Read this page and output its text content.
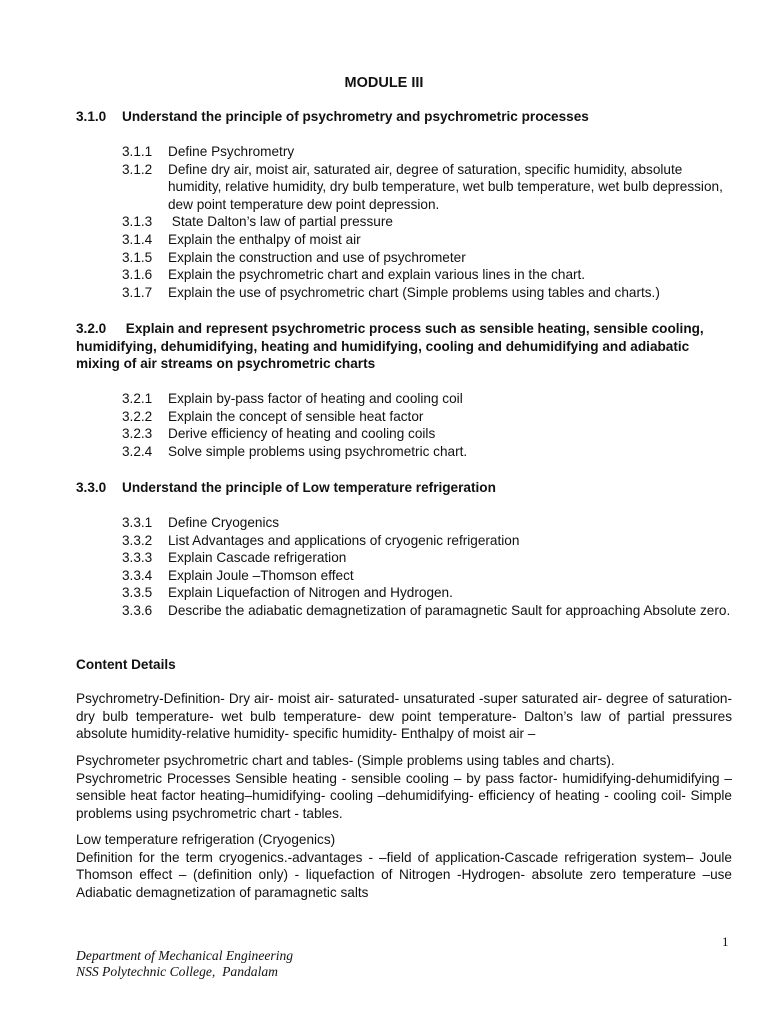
MODULE III
3.1.0 Understand the principle of psychrometry and psychrometric processes
3.1.1 Define Psychrometry
3.1.2 Define dry air, moist air, saturated air, degree of saturation, specific humidity, absolute humidity, relative humidity, dry bulb temperature, wet bulb temperature, wet bulb depression, dew point temperature dew point depression.
3.1.3 State Dalton’s law of partial pressure
3.1.4 Explain the enthalpy of moist air
3.1.5 Explain the construction and use of psychrometer
3.1.6 Explain the psychrometric chart and explain various lines in the chart.
3.1.7 Explain the use of psychrometric chart (Simple problems using tables and charts.)
3.2.0	Explain and represent psychrometric process such as sensible heating, sensible cooling, humidifying, dehumidifying, heating and humidifying, cooling and dehumidifying and adiabatic mixing of air streams on psychrometric charts
3.2.1 Explain by-pass factor of heating and cooling coil
3.2.2 Explain the concept of sensible heat factor
3.2.3 Derive efficiency of heating and cooling coils
3.2.4 Solve simple problems using psychrometric chart.
3.3.0 Understand the principle of Low temperature refrigeration
3.3.1 Define Cryogenics
3.3.2 List Advantages and applications of cryogenic refrigeration
3.3.3 Explain Cascade refrigeration
3.3.4 Explain Joule –Thomson effect
3.3.5 Explain Liquefaction of Nitrogen and Hydrogen.
3.3.6 Describe the adiabatic demagnetization of paramagnetic Sault for approaching Absolute zero.
Content Details

Psychrometry-Definition- Dry air- moist air- saturated- unsaturated -super saturated air- degree of saturation- dry bulb temperature- wet bulb temperature- dew point temperature- Dalton’s law of partial pressures absolute humidity-relative humidity- specific humidity- Enthalpy of moist air –

Psychrometer psychrometric chart and tables- (Simple problems using tables and charts).
Psychrometric Processes Sensible heating - sensible cooling – by pass factor- humidifying-dehumidifying – sensible heat factor heating–humidifying- cooling –dehumidifying- efficiency of heating - cooling coil- Simple problems using psychrometric chart - tables.
Low temperature refrigeration (Cryogenics)
Definition for the term cryogenics.-advantages - –field of application-Cascade refrigeration system– Joule Thomson effect – (definition only) - liquefaction of Nitrogen -Hydrogen- absolute zero temperature –use Adiabatic demagnetization of paramagnetic salts
1
Department of Mechanical Engineering
NSS Polytechnic College,  Pandalam
